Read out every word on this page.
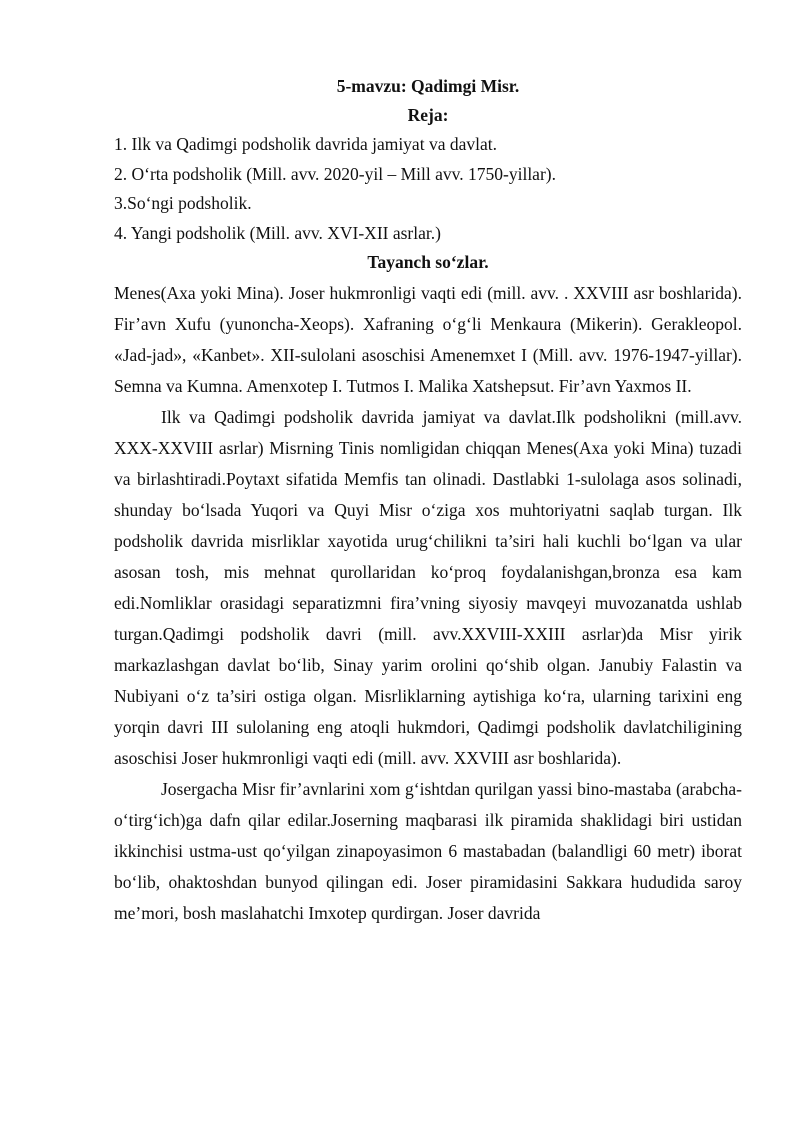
5-mavzu: Qadimgi Misr.

Reja:

1. Ilk va Qadimgi podsholik davrida jamiyat va davlat.

2. O‘rta podsholik (Mill. avv. 2020-yil – Mill avv. 1750-yillar).

3.So‘ngi podsholik.

4. Yangi podsholik (Mill. avv. XVI-XII asrlar.)

Tayanch so‘zlar.

Menes(Axa yoki Mina). Joser hukmronligi vaqti edi (mill. avv. . XXVIII asr boshlarida). Fir’avn Xufu (yunoncha-Xeops). Xafraning o‘g‘li Menkaura (Mikerin). Gerakleopol. «Jad-jad», «Kanbet». XII-sulolani asoschisi Amenemxet I (Mill. avv. 1976-1947-yillar). Semna va Kumna. Amenxotep I. Tutmos I. Malika Xatshepsut. Fir’avn Yaxmos II.

Ilk va Qadimgi podsholik davrida jamiyat va davlat.Ilk podsholikni (mill.avv. XXX-XXVIII asrlar) Misrning Tinis nomligidan chiqqan Menes(Axa yoki Mina) tuzadi va birlashtiradi.Poytaxt sifatida Memfis tan olinadi. Dastlabki 1-sulolaga asos solinadi, shunday bo‘lsada Yuqori va Quyi Misr o‘ziga xos muhtoriyatni saqlab turgan. Ilk podsholik davrida misrliklar xayotida urug‘chilikni ta’siri hali kuchli bo‘lgan va ular asosan tosh, mis mehnat qurollaridan ko‘proq foydalanishgan,bronza esa kam edi.Nomliklar orasidagi separatizmni fira’vning siyosiy mavqeyi muvozanatda ushlab turgan.Qadimgi podsholik davri (mill. avv.XXVIII-XXIII asrlar)da Misr yirik markazlashgan davlat bo‘lib, Sinay yarim orolini qo‘shib olgan. Janubiy Falastin va Nubiyani o‘z ta’siri ostiga olgan. Misrliklarning aytishiga ko‘ra, ularning tarixini eng yorqin davri III sulolaning eng atoqli hukmdori, Qadimgi podsholik davlatchiligining asoschisi Joser hukmronligi vaqti edi (mill. avv. XXVIII asr boshlarida).

Josergacha Misr fir’avnlarini xom g‘ishtdan qurilgan yassi bino-mastaba (arabcha-o‘tirg‘ich)ga dafn qilar edilar.Joserning maqbarasi ilk piramida shaklidagi biri ustidan ikkinchisi ustma-ust qo‘yilgan zinapoyasimon 6 mastabadan (balandligi 60 metr) iborat bo‘lib, ohaktoshdan bunyod qilingan edi. Joser piramidasini Sakkara hududida saroy me’mori, bosh maslahatchi Imxotep qurdirgan. Joser davrida
